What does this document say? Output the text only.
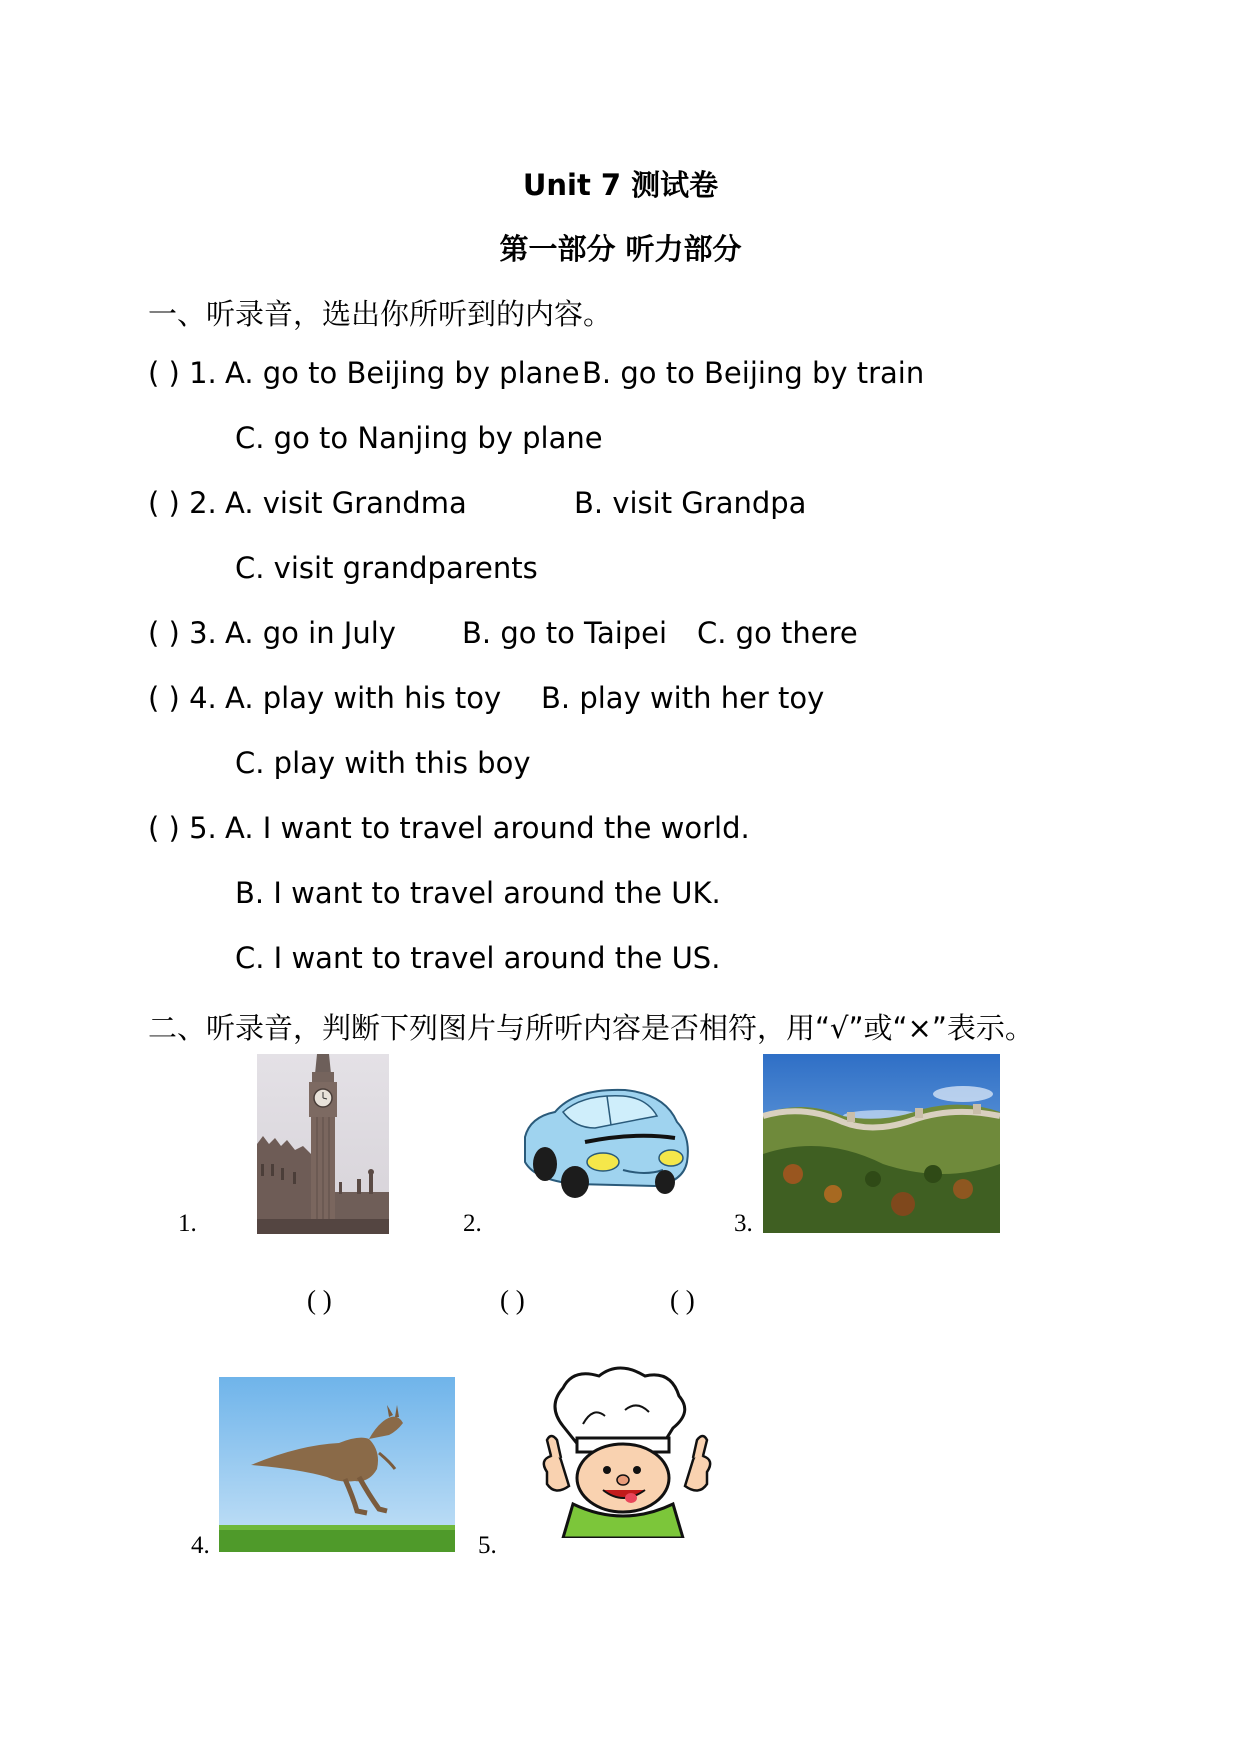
Unit 7 测试卷
第一部分 听力部分
一、听录音，选出你所听到的内容。
( ) 1. A. go to Beijing by plane B. go to Beijing by train
C. go to Nanjing by plane
( ) 2. A. visit Grandma	B. visit Grandpa
C. visit grandparents
( ) 3. A. go in July B. go to Taipei C. go there
( ) 4. A. play with his toy B. play with her toy
C. play with this boy
( ) 5. A. I want to travel around the world.
B. I want to travel around the UK.
C. I want to travel around the US.
二、听录音，判断下列图片与所听内容是否相符，用“√”或“×”表示。
1.
( )
2.
( )
3.
( )
4.	5.
